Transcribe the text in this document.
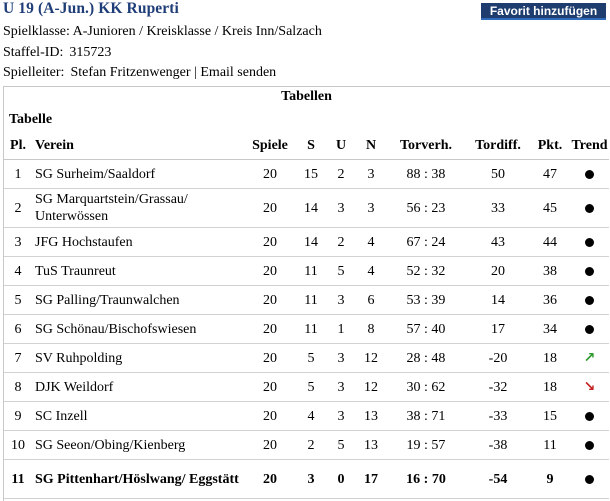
U 19 (A-Jun.) KK Ruperti	Favorit hinzufügen
Spielklasse: A-Junioren / Kreisklasse / Kreis Inn/Salzach
Staffel-ID: 315723
Spielleiter: Stefan Fritzenwenger | Email senden
Tabellen
Tabelle
Pl.	Verein	Spiele	S	U	N	Torverh.	Tordiff.	Pkt.	Trend
1	SG Surheim/Saaldorf	20	15	2	3	88 : 38	50	47	
2	SG Marquartstein/Grassau/ Unterwössen	20	14	3	3	56 : 23	33	45	
3	JFG Hochstaufen	20	14	2	4	67 : 24	43	44	
4	TuS Traunreut	20	11	5	4	52 : 32	20	38	
5	SG Palling/Traunwalchen	20	11	3	6	53 : 39	14	36	
6	SG Schönau/Bischofswiesen	20	11	1	8	57 : 40	17	34	
7	SV Ruhpolding	20	5	3	12	28 : 48	-20	18	↗
8	DJK Weildorf	20	5	3	12	30 : 62	-32	18	↘
9	SC Inzell	20	4	3	13	38 : 71	-33	15	
10	SG Seeon/Obing/Kienberg	20	2	5	13	19 : 57	-38	11	
11	SG Pittenhart/Höslwang/ Eggstätt	20	3	0	17	16 : 70	-54	9	
